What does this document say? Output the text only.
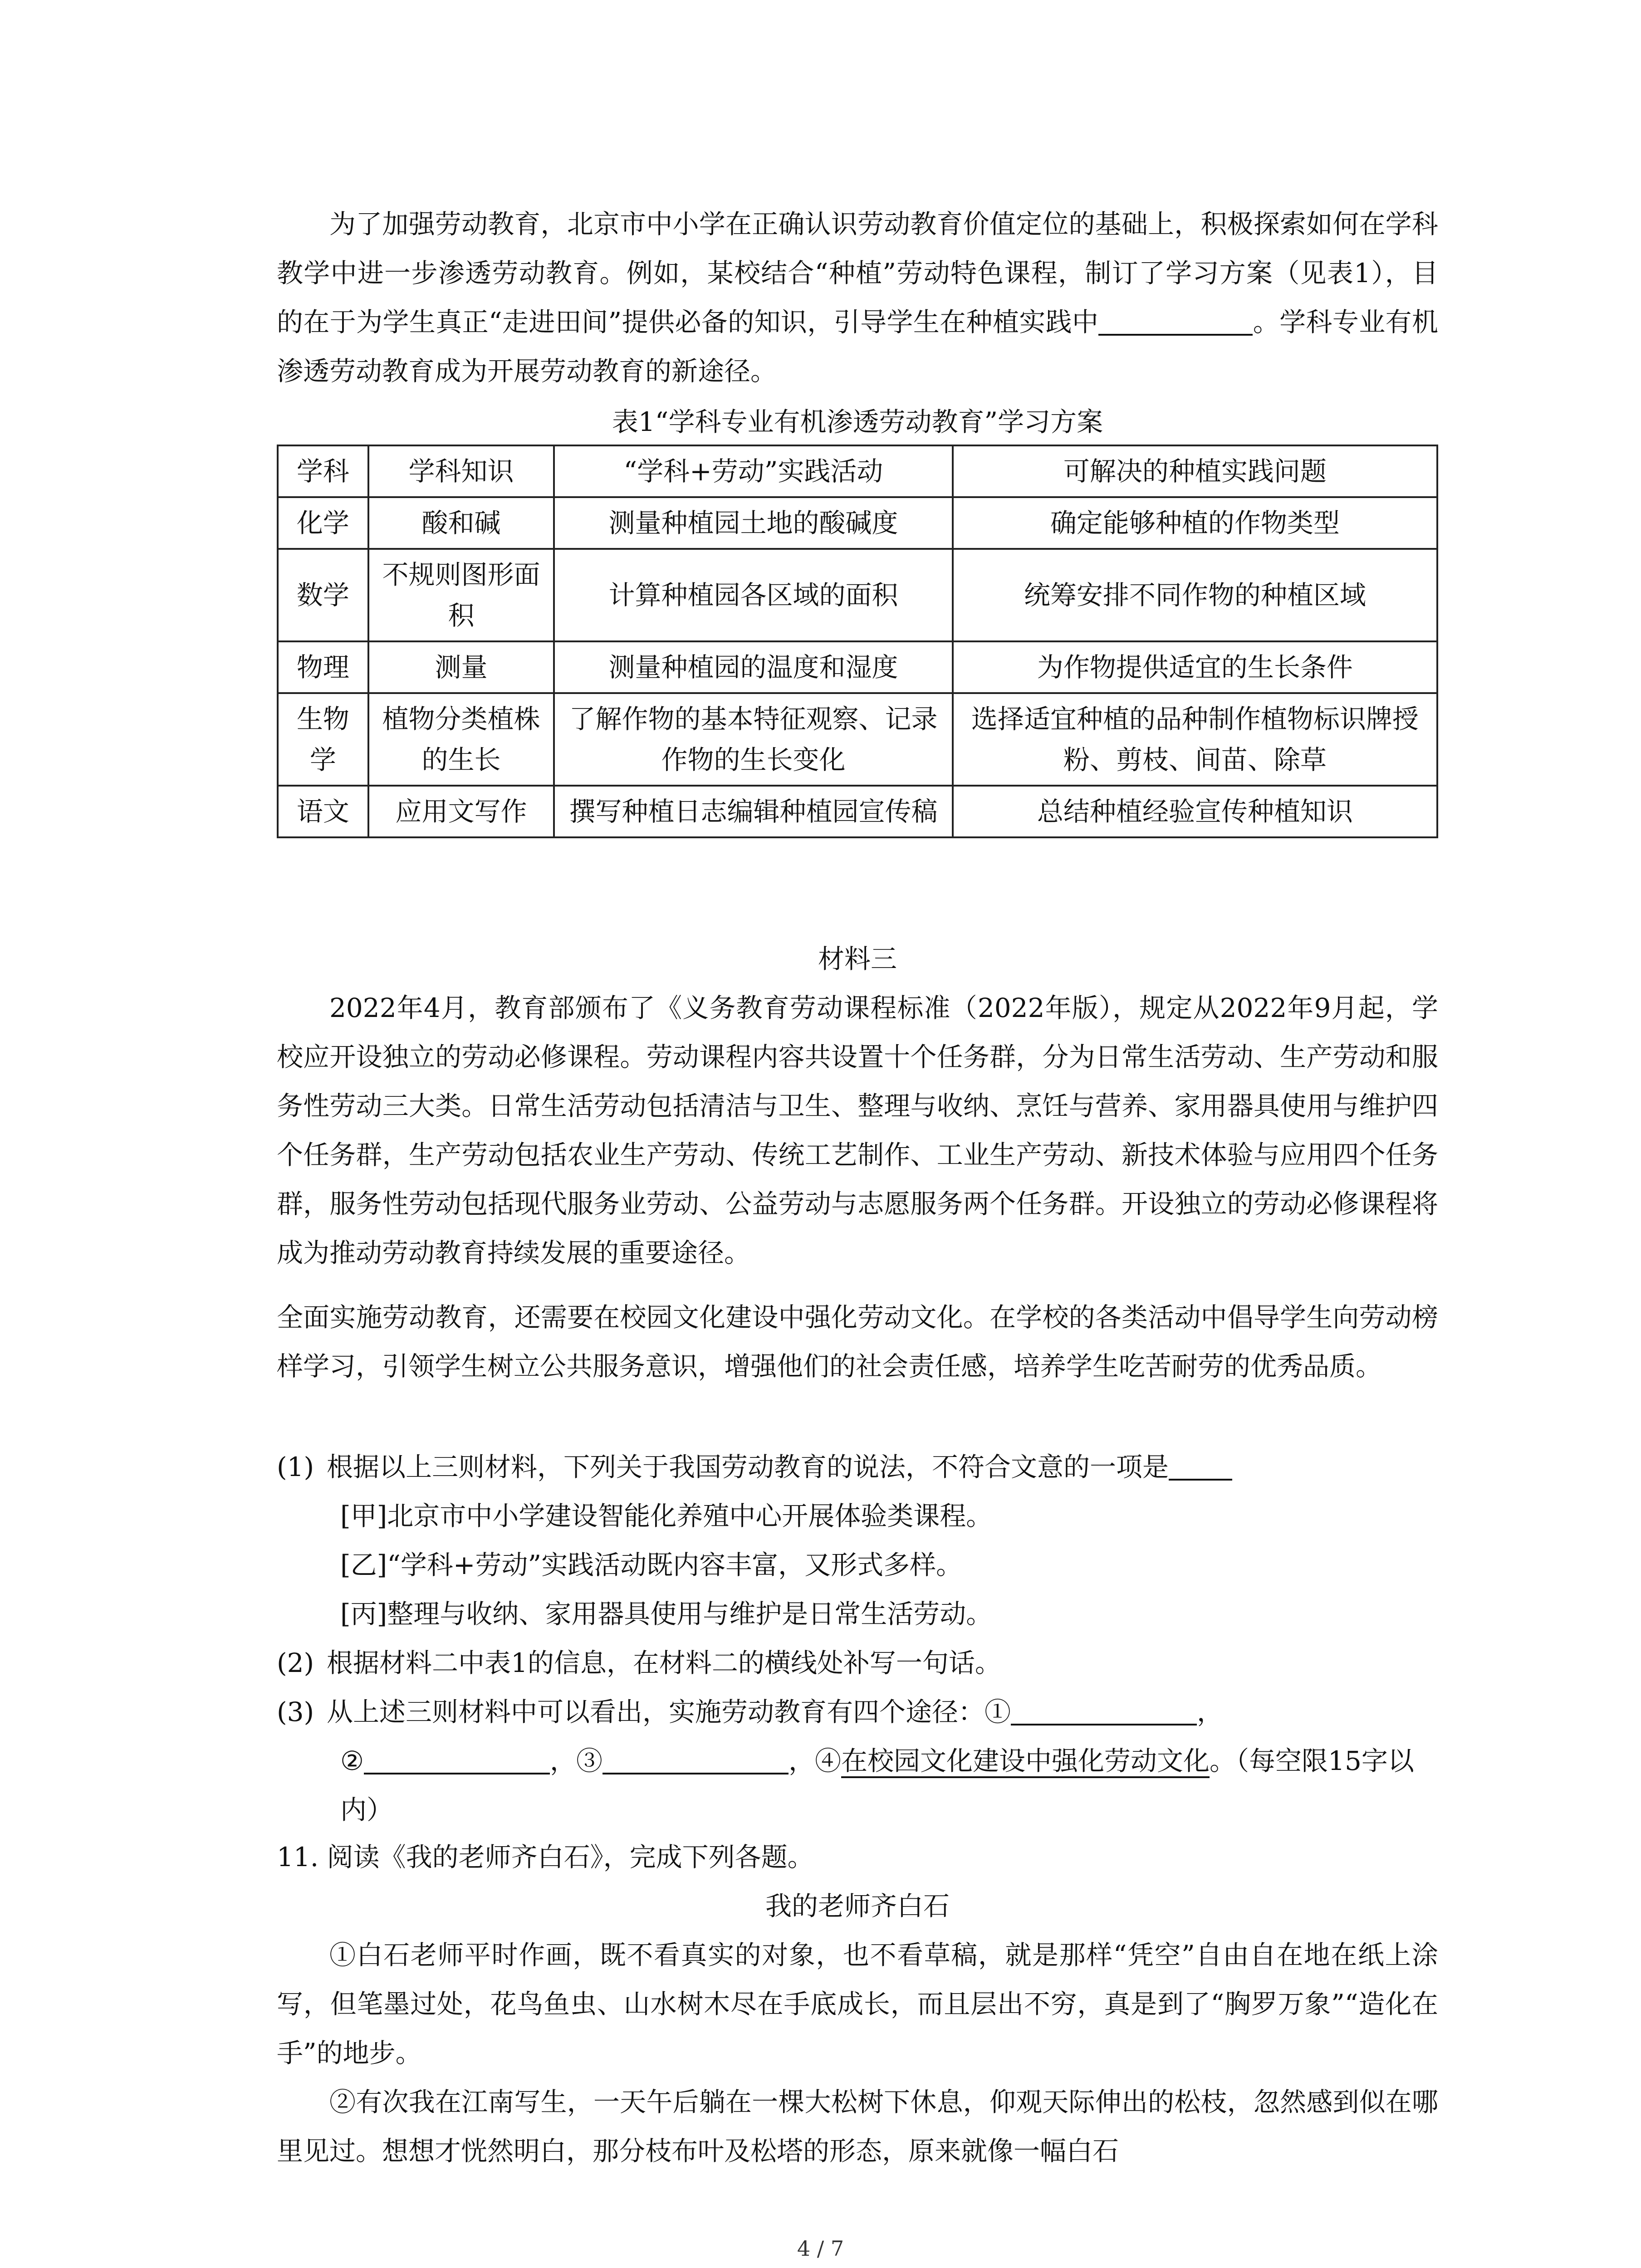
为了加强劳动教育，北京市中小学在正确认识劳动教育价值定位的基础上，积极探索如何在学科教学中进一步渗透劳动教育。例如，某校结合“种植”劳动特色课程，制订了学习方案（见表1），目的在于为学生真正“走进田间”提供必备的知识，引导学生在种植实践中	。学科专业有机渗透劳动教育成为开展劳动教育的新途径。

表1“学科专业有机渗透劳动教育”学习方案

学科	学科知识	“学科+劳动”实践活动	可解决的种植实践问题
化学	酸和碱	测量种植园土地的酸碱度	确定能够种植的作物类型
数学	不规则图形面积	计算种植园各区域的面积	统筹安排不同作物的种植区域
物理	测量	测量种植园的温度和湿度	为作物提供适宜的生长条件
生物学	植物分类植株的生长	了解作物的基本特征观察、记录作物的生长变化	选择适宜种植的品种制作植物标识牌授粉、剪枝、间苗、除草
语文	应用文写作	撰写种植日志编辑种植园宣传稿	总结种植经验宣传种植知识

材料三

2022年4月，教育部颁布了《义务教育劳动课程标准（2022年版），规定从2022年9月起，学校应开设独立的劳动必修课程。劳动课程内容共设置十个任务群，分为日常生活劳动、生产劳动和服务性劳动三大类。日常生活劳动包括清洁与卫生、整理与收纳、烹饪与营养、家用器具使用与维护四个任务群，生产劳动包括农业生产劳动、传统工艺制作、工业生产劳动、新技术体验与应用四个任务群，服务性劳动包括现代服务业劳动、公益劳动与志愿服务两个任务群。开设独立的劳动必修课程将成为推动劳动教育持续发展的重要途径。

全面实施劳动教育，还需要在校园文化建设中强化劳动文化。在学校的各类活动中倡导学生向劳动榜样学习，引领学生树立公共服务意识，增强他们的社会责任感，培养学生吃苦耐劳的优秀品质。

(1) 根据以上三则材料，下列关于我国劳动教育的说法，不符合文意的一项是

[甲]北京市中小学建设智能化养殖中心开展体验类课程。

[乙]“学科+劳动”实践活动既内容丰富，又形式多样。

[丙]整理与收纳、家用器具使用与维护是日常生活劳动。

(2) 根据材料二中表1的信息，在材料二的横线处补写一句话。

(3) 从上述三则材料中可以看出，实施劳动教育有四个途径：①	，

②	，③	，④在校园文化建设中强化劳动文化。（每空限15字以内）

11. 阅读《我的老师齐白石》，完成下列各题。

我的老师齐白石

①白石老师平时作画，既不看真实的对象，也不看草稿，就是那样“凭空”自由自在地在纸上涂写，但笔墨过处，花鸟鱼虫、山水树木尽在手底成长，而且层出不穷，真是到了“胸罗万象”“造化在手”的地步。

②有次我在江南写生，一天午后躺在一棵大松树下休息，仰观天际伸出的松枝，忽然感到似在哪里见过。想想才恍然明白，那分枝布叶及松塔的形态，原来就像一幅白石

4 / 7
